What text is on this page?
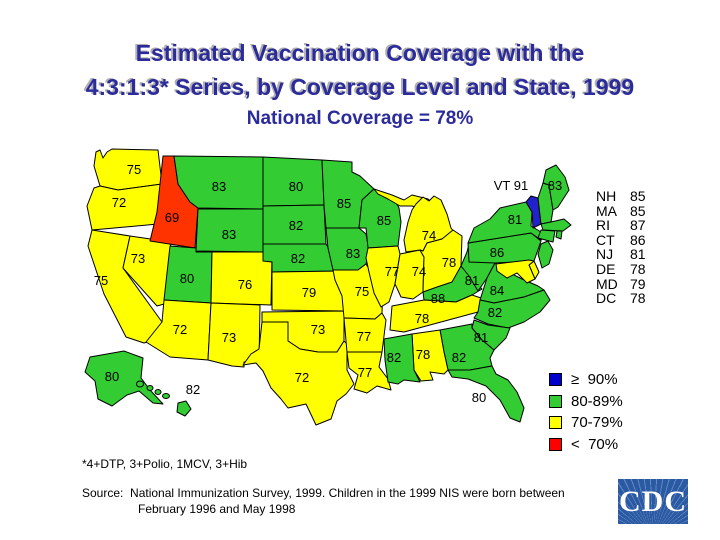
Estimated Vaccination Coverage with the
4:3:1:3* Series, by Coverage Level and State, 1999
National Coverage = 78%
75
72
75
73
69
83
83
80	76
72
73
80
82
82
79
73
72
85
83
75
77
77
85
77 74
74
78
88
78
82 78 82
80
81
82
84
81
86
81
83
80
82
VT 91
NH 85
MA 85
RI	87
CT	86
NJ	81
DE	78
MD 79
DC 78
≥  90%
80-89%
70-79%
<  70%
*4+DTP, 3+Polio, 1MCV, 3+Hib
Source:  National Immunization Survey, 1999. Children in the 1999 NIS were born between
February 1996 and May 1998	CDC
